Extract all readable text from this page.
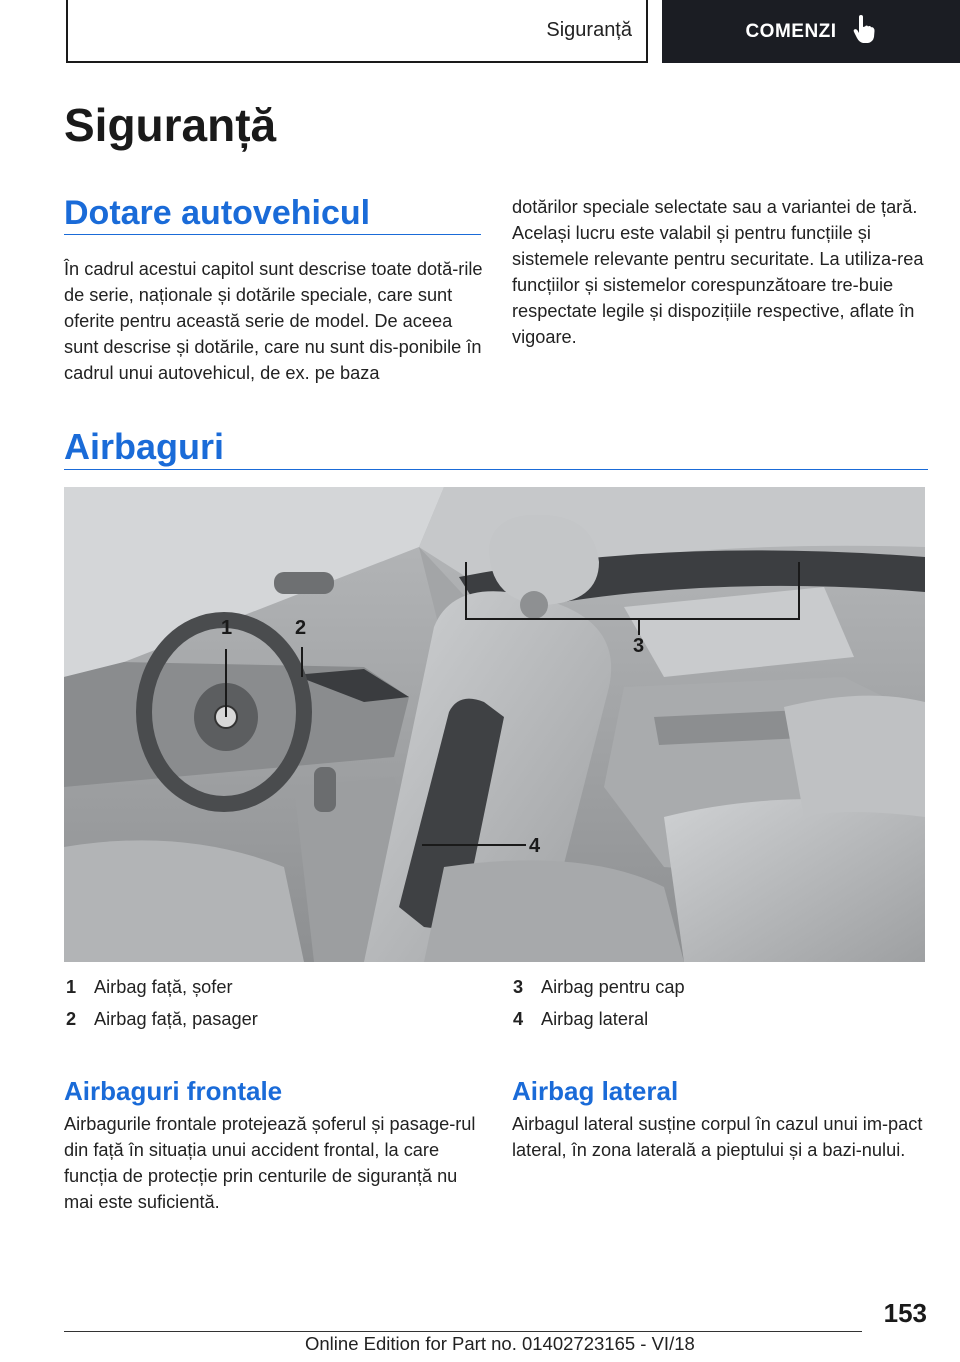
Siguranță	COMENZI
Siguranță
Dotare autovehicul

În cadrul acestui capitol sunt descrise toate dotă-rile de serie, naționale și dotările speciale, care sunt oferite pentru această serie de model. De aceea sunt descrise și dotările, care nu sunt dis-ponibile în cadrul unui autovehicul, de ex. pe baza

dotărilor speciale selectate sau a variantei de țară. Același lucru este valabil și pentru funcțiile și sistemele relevante pentru securitate. La utiliza-rea funcțiilor și sistemelor corespunzătoare tre-buie respectate legile și dispozițiile respective, aflate în vigoare.

Airbaguri
1	2
3
4
1 Airbag față, șofer
2 Airbag față, pasager
3 Airbag pentru cap
4 Airbag lateral
Airbaguri frontale

Airbagurile frontale protejează șoferul și pasage-rul din față în situația unui accident frontal, la care funcția de protecție prin centurile de siguranță nu mai este suficientă.

Airbag lateral

Airbagul lateral susține corpul în cazul unui im-pact lateral, în zona laterală a pieptului și a bazi-nului.

153
Online Edition for Part no. 01402723165 - VI/18
